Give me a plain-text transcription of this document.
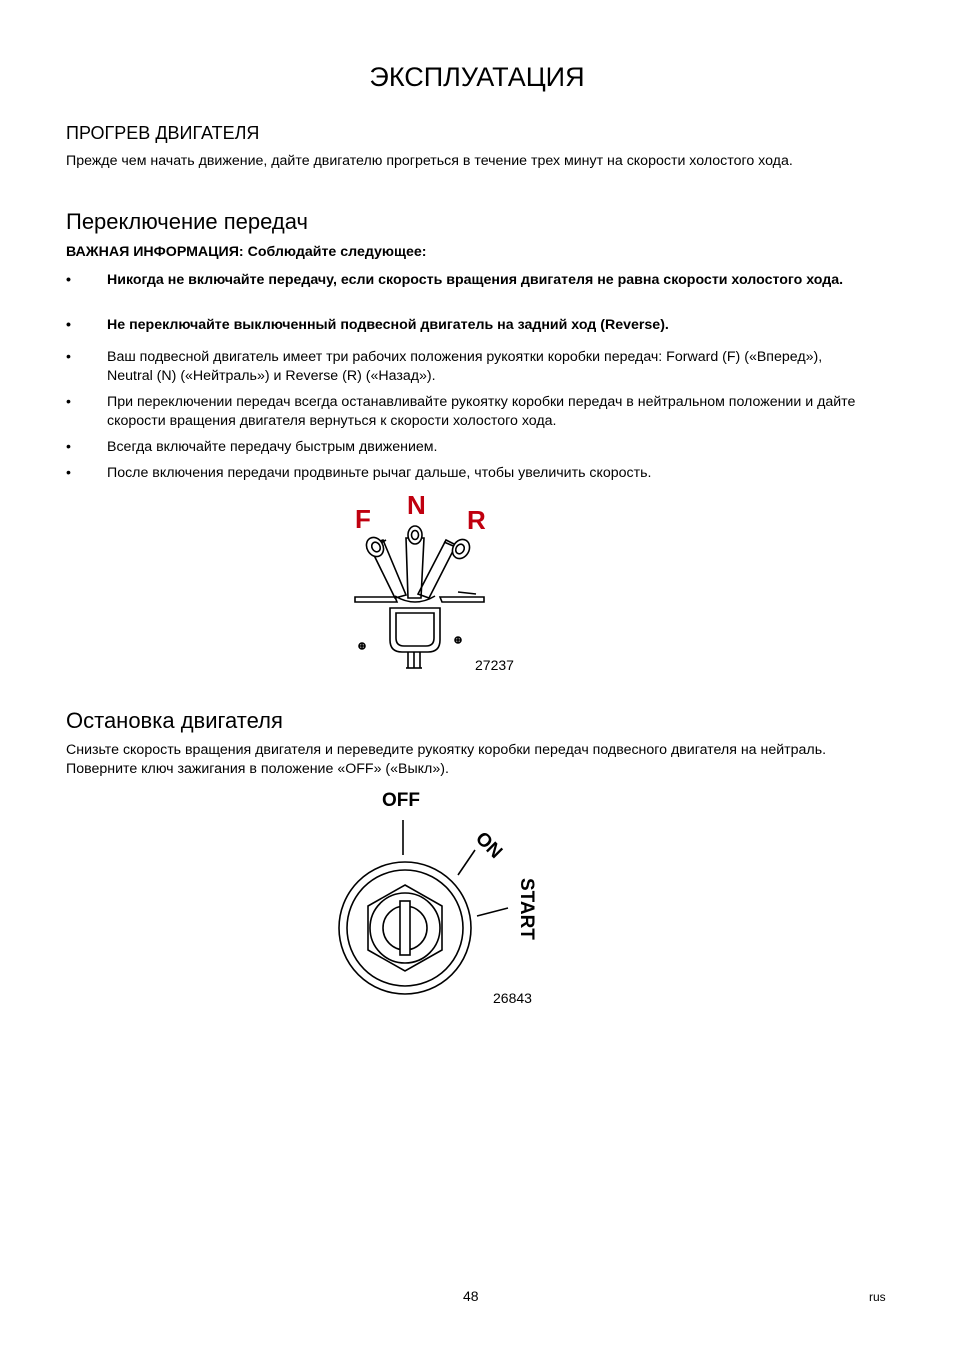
ЭКСПЛУАТАЦИЯ
ПРОГРЕВ ДВИГАТЕЛЯ
Прежде чем начать движение, дайте двигателю прогреться в течение трех минут на скорости холостого хода.
Переключение передач
ВАЖНАЯ ИНФОРМАЦИЯ: Соблюдайте следующее:
•	Никогда не включайте передачу, если скорость вращения двигателя не равна скорости холостого хода.
•	Не переключайте выключенный подвесной двигатель на задний ход (Reverse).
•	Ваш подвесной двигатель имеет три рабочих положения рукоятки коробки передач: Forward (F) («Вперед»), Neutral (N) («Нейтраль») и Reverse (R) («Назад»).
•	При переключении передач всегда останавливайте рукоятку коробки передач в нейтральном положении и дайте скорости вращения двигателя вернуться к скорости холостого хода.
•	Всегда включайте передачу быстрым движением.
•	После включения передачи продвиньте рычаг дальше, чтобы увеличить скорость.
F N R
27237
Остановка двигателя
Снизьте скорость вращения двигателя и переведите рукоятку коробки передач подвесного двигателя на нейтраль. Поверните ключ зажигания в положение «OFF» («Выкл»).
OFF
ON
START
26843
48	rus
